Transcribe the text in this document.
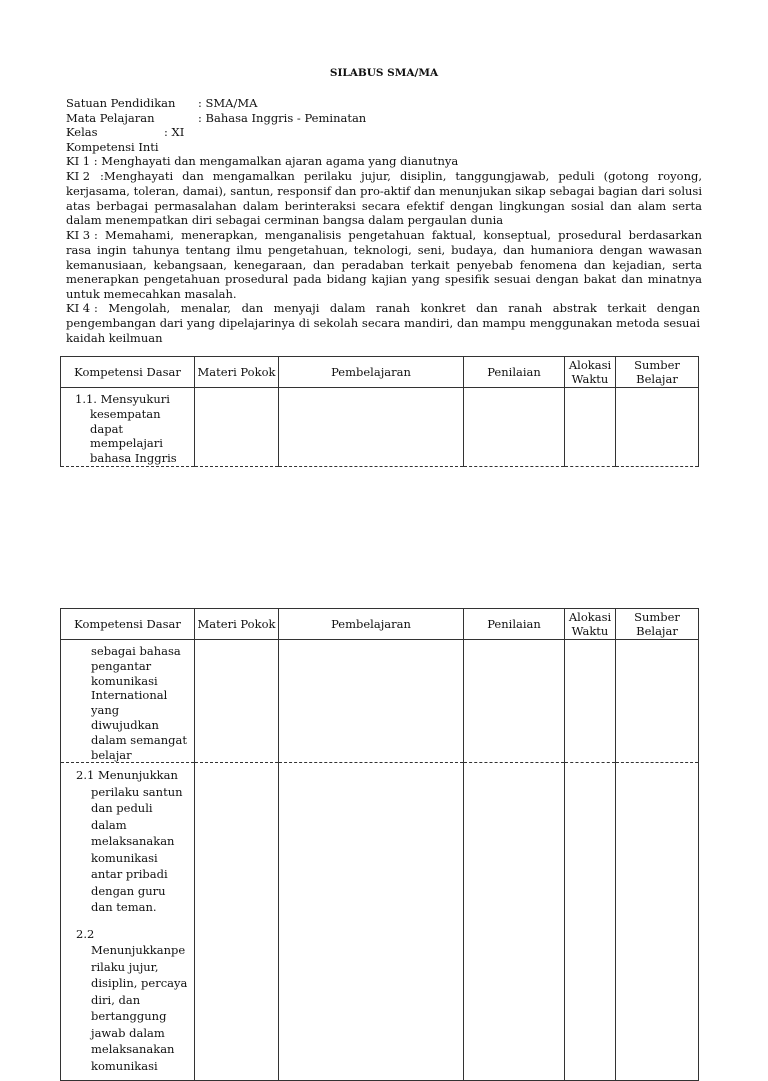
SILABUS SMA/MA
Satuan Pendidikan : SMA/MA
Mata Pelajaran	: Bahasa Inggris - Peminatan
Kelas	: XI
Kompetensi Inti
KI 1 : Menghayati dan mengamalkan ajaran agama yang dianutnya
KI 2 :Menghayati dan mengamalkan perilaku jujur, disiplin, tanggungjawab, peduli (gotong royong, kerjasama, toleran, damai), santun, responsif dan pro-aktif dan menunjukan sikap sebagai bagian dari solusi atas berbagai permasalahan dalam berinteraksi secara efektif dengan lingkungan sosial dan alam serta dalam menempatkan diri sebagai cerminan bangsa dalam pergaulan dunia
KI 3 : Memahami, menerapkan, menganalisis pengetahuan faktual, konseptual, prosedural berdasarkan rasa ingin tahunya tentang ilmu pengetahuan, teknologi, seni, budaya, dan humaniora dengan wawasan kemanusiaan, kebangsaan, kenegaraan, dan peradaban terkait penyebab fenomena dan kejadian, serta menerapkan pengetahuan prosedural pada bidang kajian yang spesifik sesuai dengan bakat dan minatnya untuk memecahkan masalah.
KI 4 : Mengolah, menalar, dan menyaji dalam ranah konkret dan ranah abstrak terkait dengan pengembangan dari yang dipelajarinya di sekolah secara mandiri, dan mampu menggunakan metoda sesuai kaidah keilmuan
Kompetensi Dasar	Materi Pokok	Pembelajaran	Penilaian	Alokasi Waktu	Sumber Belajar

1.1. Mensyukuri kesempatan dapat mempelajari bahasa Inggris					

Kompetensi Dasar	Materi Pokok	Pembelajaran	Penilaian	Alokasi Waktu	Sumber Belajar

sebagai bahasa pengantar komunikasi International yang diwujudkan dalam semangat belajar					

2.1 Menunjukkan perilaku santun dan peduli dalam melaksanakan komunikasi antar pribadi dengan guru dan teman.
2.2 Menunjukkanpe rilaku jujur, disiplin, percaya diri, dan bertanggung jawab dalam melaksanakan komunikasi					
